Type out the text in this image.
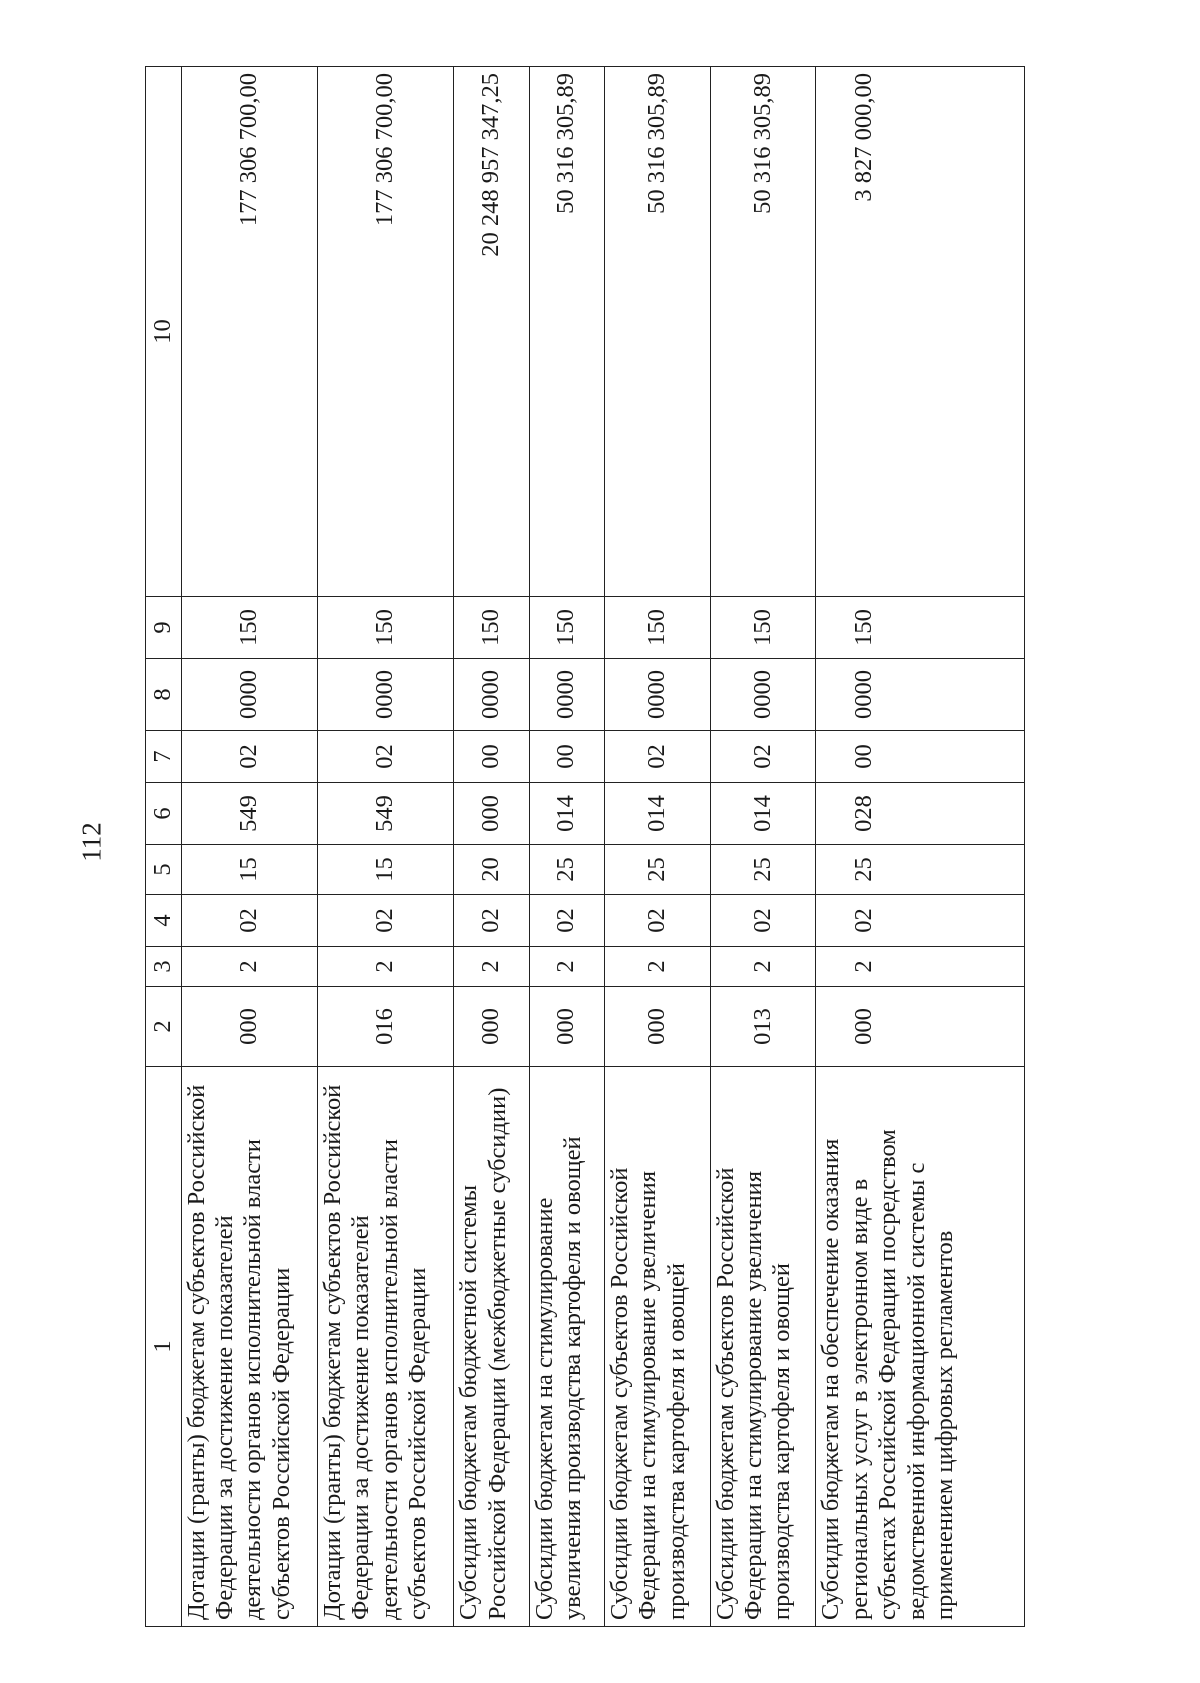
112
1	2	3	4	5	6	7	8	9	10
Дотации (гранты) бюджетам субъектов Российской Федерации за достижение показателей деятельности органов исполнительной власти субъектов Российской Федерации	000	2	02	15	549	02	0000	150	177 306 700,00
Дотации (гранты) бюджетам субъектов Российской Федерации за достижение показателей деятельности органов исполнительной власти субъектов Российской Федерации	016	2	02	15	549	02	0000	150	177 306 700,00
Субсидии бюджетам бюджетной системы Российской Федерации (межбюджетные субсидии)	000	2	02	20	000	00	0000	150	20 248 957 347,25
Субсидии бюджетам на стимулирование увеличения производства картофеля и овощей	000	2	02	25	014	00	0000	150	50 316 305,89
Субсидии бюджетам субъектов Российской Федерации на стимулирование увеличения производства картофеля и овощей	000	2	02	25	014	02	0000	150	50 316 305,89
Субсидии бюджетам субъектов Российской Федерации на стимулирование увеличения производства картофеля и овощей	013	2	02	25	014	02	0000	150	50 316 305,89
Субсидии бюджетам на обеспечение оказания региональных услуг в электронном виде в субъектах Российской Федерации посредством ведомственной информационной системы с применением цифровых регламентов	000	2	02	25	028	00	0000	150	3 827 000,00
